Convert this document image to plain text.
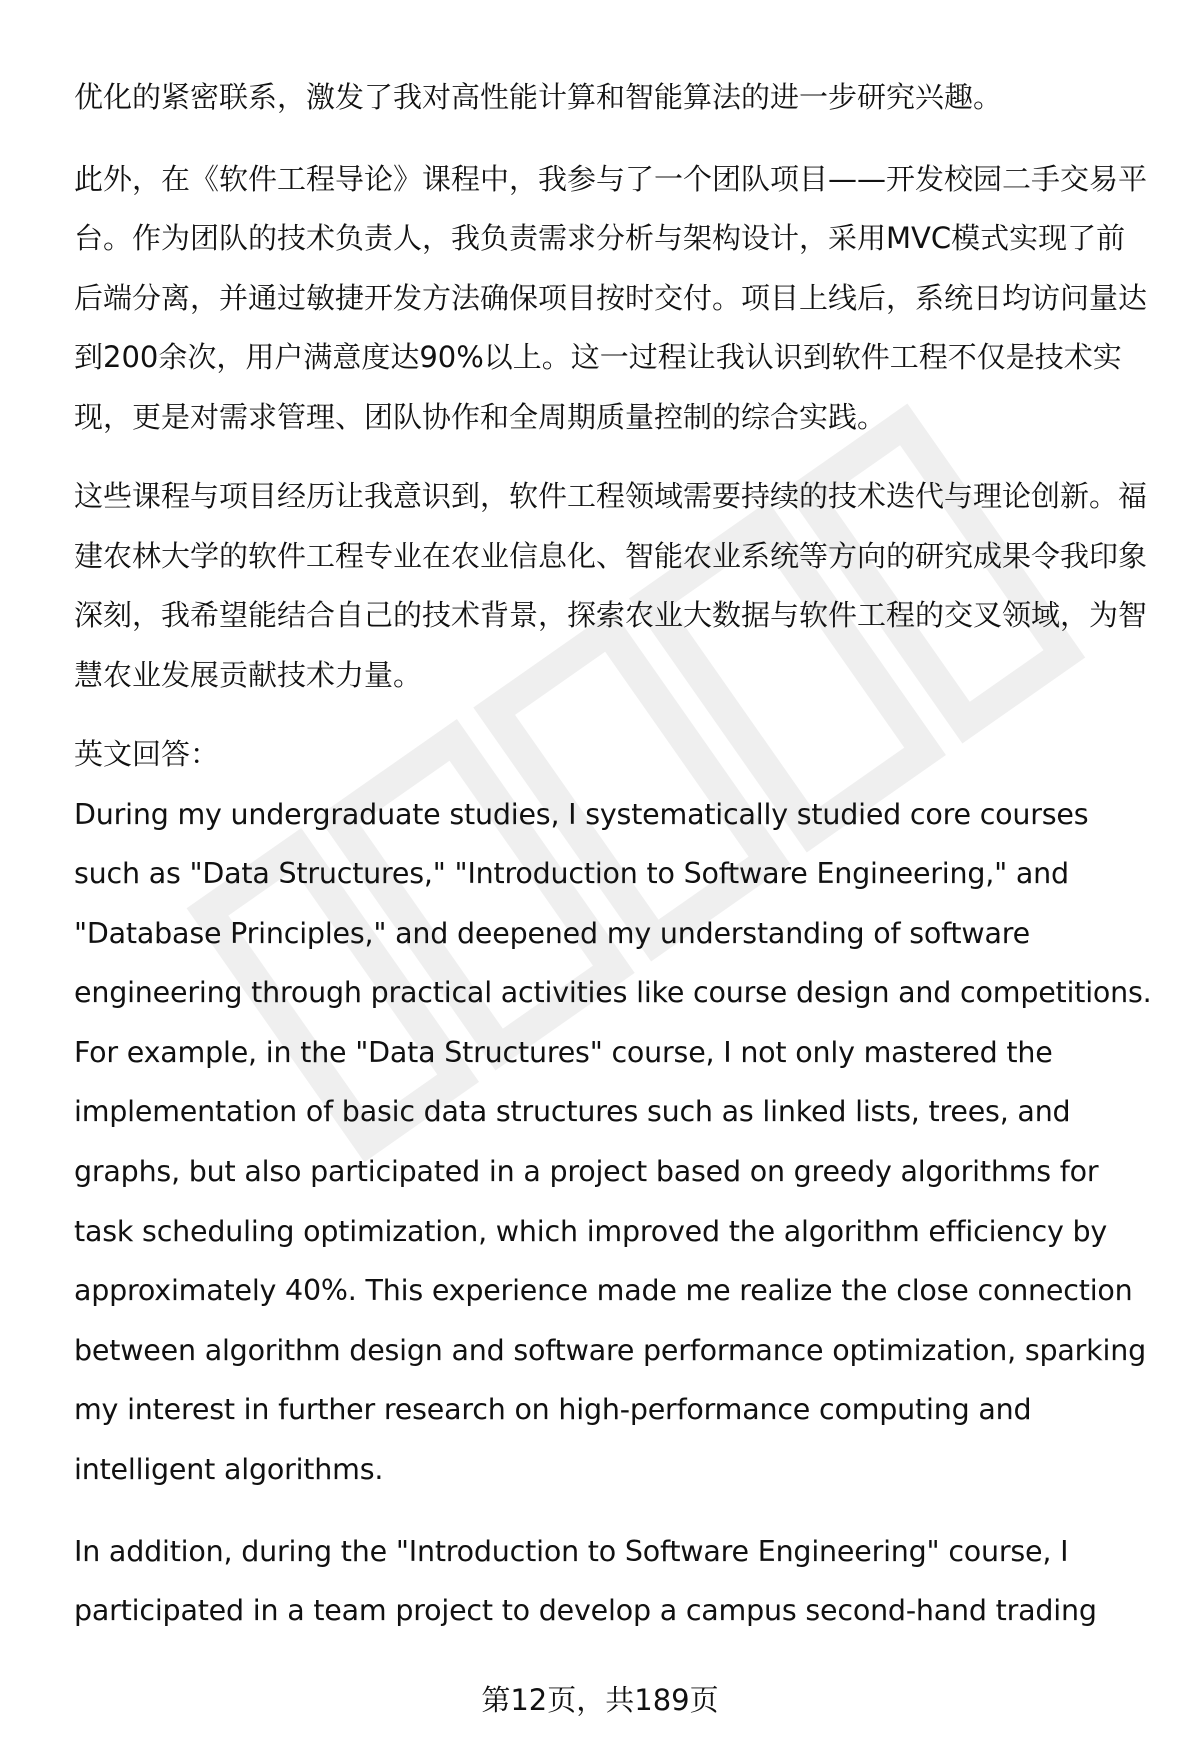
优化的紧密联系，激发了我对高性能计算和智能算法的进一步研究兴趣。

此外，在《软件工程导论》课程中，我参与了一个团队项目——开发校园二手交易平台。作为团队的技术负责人，我负责需求分析与架构设计，采用MVC模式实现了前后端分离，并通过敏捷开发方法确保项目按时交付。项目上线后，系统日均访问量达到200余次，用户满意度达90%以上。这一过程让我认识到软件工程不仅是技术实现，更是对需求管理、团队协作和全周期质量控制的综合实践。

这些课程与项目经历让我意识到，软件工程领域需要持续的技术迭代与理论创新。福建农林大学的软件工程专业在农业信息化、智能农业系统等方向的研究成果令我印象深刻，我希望能结合自己的技术背景，探索农业大数据与软件工程的交叉领域，为智慧农业发展贡献技术力量。

英文回答：

During my undergraduate studies, I systematically studied core courses such as "Data Structures," "Introduction to Software Engineering," and "Database Principles," and deepened my understanding of software engineering through practical activities like course design and competitions. For example, in the "Data Structures" course, I not only mastered the implementation of basic data structures such as linked lists, trees, and graphs, but also participated in a project based on greedy algorithms for task scheduling optimization, which improved the algorithm efficiency by approximately 40%. This experience made me realize the close connection between algorithm design and software performance optimization, sparking my interest in further research on high-performance computing and intelligent algorithms.

In addition, during the "Introduction to Software Engineering" course, I participated in a team project to develop a campus second-hand trading

第12页，共189页
